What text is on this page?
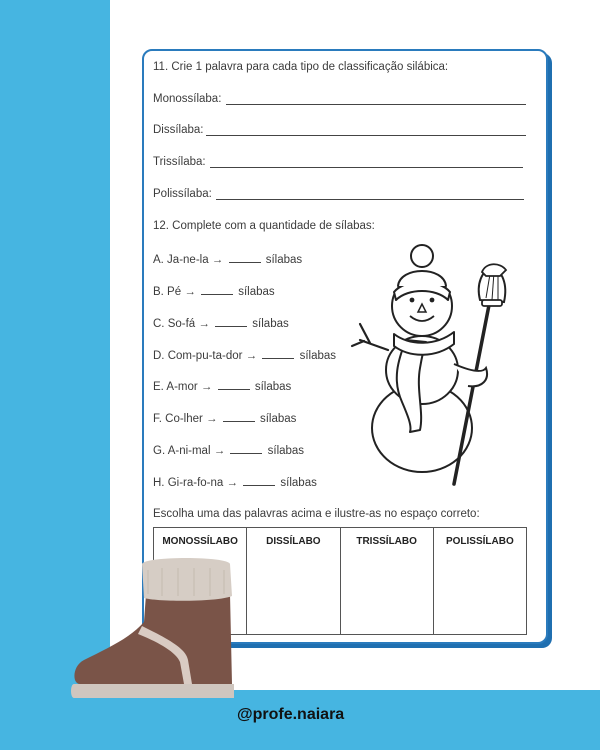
11. Crie 1 palavra para cada tipo de classificação silábica:
Monossílaba:
Dissílaba:
Trissílaba:
Polissílaba:
12. Complete com a quantidade de sílabas:
A. Ja-ne-la →	sílabas
B. Pé →	sílabas
C. So-fá →	sílabas
D. Com-pu-ta-dor →	sílabas
E. A-mor →	sílabas
F. Co-lher →	sílabas
G. A-ni-mal →	sílabas
H. Gi-ra-fo-na →	sílabas
Escolha uma das palavras acima e ilustre-as no espaço correto:
MONOSSÍLABO	DISSÍLABO	TRISSÍLABO	POLISSÍLABO
@profe.naiara
